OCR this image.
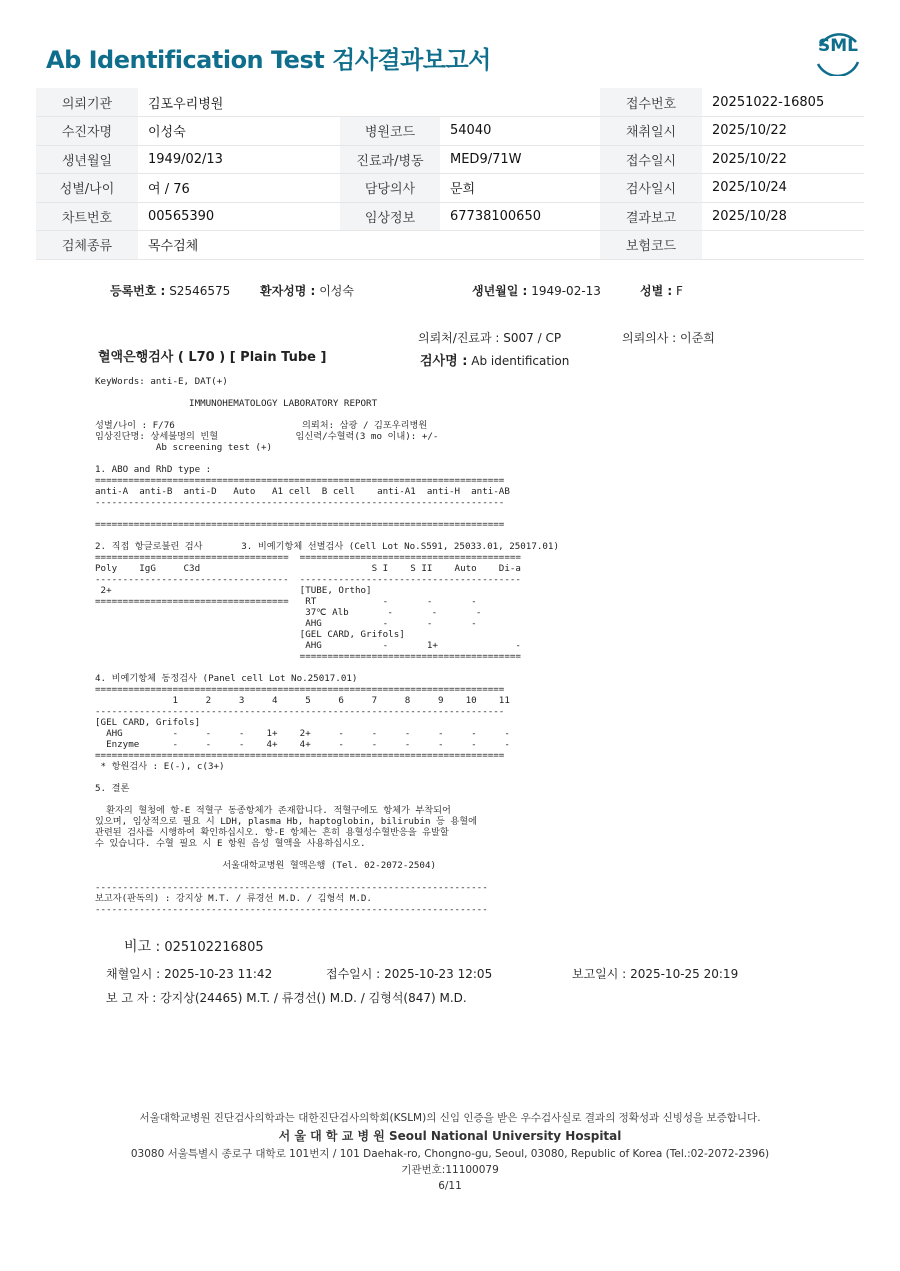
Ab Identification Test 검사결과보고서	SML
의뢰기관	김포우리병원			접수번호	20251022-16805
수진자명	이성숙	병원코드	54040	채취일시	2025/10/22
생년월일	1949/02/13	진료과/병동	MED9/71W	접수일시	2025/10/22
성별/나이	여 / 76	담당의사	문희	검사일시	2025/10/24
차트번호	00565390	임상정보	67738100650	결과보고	2025/10/28
검체종류	목수검체			보험코드	
등록번호 : S2546575 환자성명 : 이성숙	생년월일 : 1949-02-13	성별 : F
의뢰처/진료과 : S007 / CP	의뢰의사 : 이준희
혈액은행검사 ( L70 ) [ Plain Tube ]	검사명 : Ab identification
KeyWords: anti-E, DAT(+)

IMMUNOHEMATOLOGY LABORATORY REPORT

성별/나이 : F/76                       의뢰처: 삼광 / 김포우리병원
임상진단명: 상세불명의 빈혈              임신력/수혈력(3 mo 이내): +/-
Ab screening test (+)

1. ABO and RhD type :
==========================================================================
anti-A  anti-B  anti-D   Auto   A1 cell  B cell    anti-A1  anti-H  anti-AB
--------------------------------------------------------------------------

==========================================================================

2. 직접 항글로불린 검사       3. 비예기항체 선별검사 (Cell Lot No.S591, 25033.01, 25017.01)
===================================  ========================================
Poly    IgG     C3d                               S I    S II    Auto    Di-a
-----------------------------------  ----------------------------------------
2+                                  [TUBE, Ortho]
===================================   RT            -       -       -
37℃ Alb       -       -       -
AHG           -       -       -
[GEL CARD, Grifols]
AHG           -       1+              -
========================================

4. 비예기항체 동정검사 (Panel cell Lot No.25017.01)
==========================================================================
1     2     3     4     5     6     7     8     9    10    11
--------------------------------------------------------------------------
[GEL CARD, Grifols]
AHG         -     -     -    1+    2+     -     -     -     -     -     -
Enzyme      -     -     -    4+    4+     -     -     -     -     -     -
==========================================================================
* 항원검사 : E(-), c(3+)

5. 결론

환자의 혈청에 항-E 적혈구 동종항체가 존재합니다. 적혈구에도 항체가 부착되어
있으며, 임상적으로 필요 시 LDH, plasma Hb, haptoglobin, bilirubin 등 용혈에
관련된 검사를 시행하여 확인하십시오. 항-E 항체는 흔히 용혈성수혈반응을 유발할
수 있습니다. 수혈 필요 시 E 항원 음성 혈액을 사용하십시오.

서울대학교병원 혈액은행 (Tel. 02-2072-2504)

-----------------------------------------------------------------------
보고자(판독의) : 강지상 M.T. / 류경선 M.D. / 김형석 M.D.
-----------------------------------------------------------------------
비고 : 025102216805
채혈일시 : 2025-10-23 11:42	접수일시 : 2025-10-23 12:05	보고일시 : 2025-10-25 20:19
보 고 자 : 강지상(24465) M.T. / 류경선() M.D. / 김형석(847) M.D.
서울대학교병원 진단검사의학과는 대한진단검사의학회(KSLM)의 신임 인증을 받은 우수검사실로 결과의 정확성과 신빙성을 보증합니다.
서 울 대 학 교 병 원 Seoul National University Hospital
03080 서울특별시 종로구 대학로 101번지 / 101 Daehak-ro, Chongno-gu, Seoul, 03080, Republic of Korea (Tel.:02-2072-2396)
기관번호:11100079
6/11
